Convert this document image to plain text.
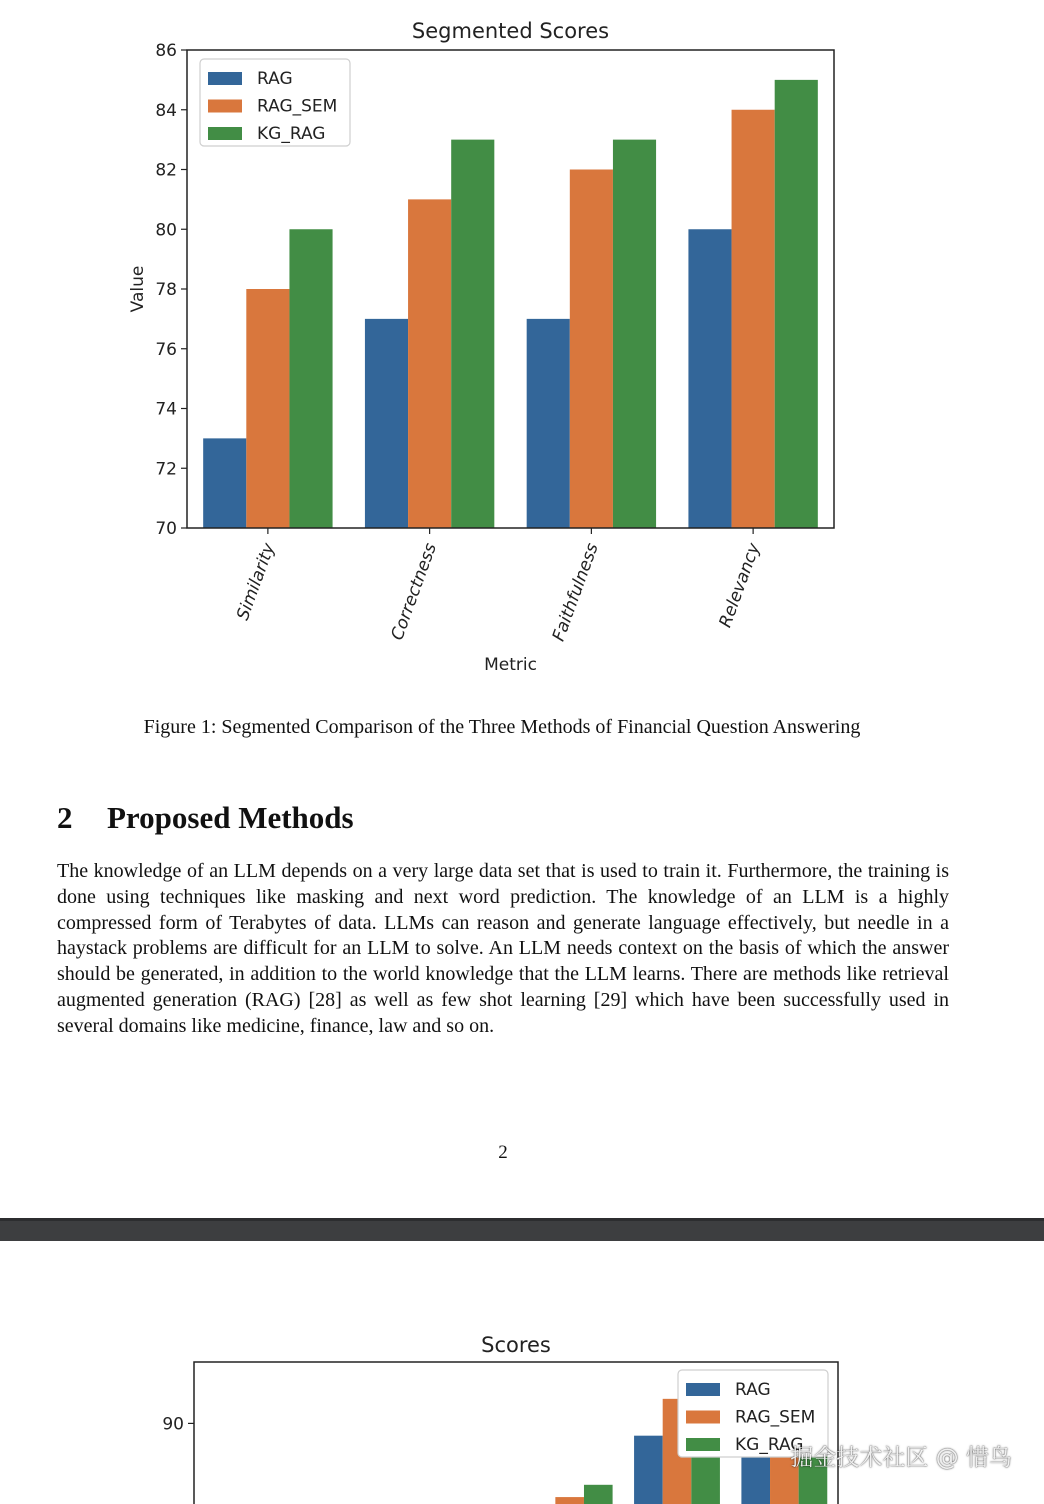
Segmented Scores
Value
Metric
Similarity	Correctness	Faithfulness	Relevancy
70
72
74
76
78
80
82
84
86
RAG
RAG_SEM
KG_RAG
Figure 1: Segmented Comparison of the Three Methods of Financial Question Answering
2 Proposed Methods
The knowledge of an LLM depends on a very large data set that is used to train it. Furthermore, the training is done using techniques like masking and next word prediction. The knowledge of an LLM is a highly compressed form of Terabytes of data. LLMs can reason and generate language effectively, but needle in a haystack problems are difficult for an LLM to solve. An LLM needs context on the basis of which the answer should be generated, in addition to the world knowledge that the LLM learns. There are methods like retrieval augmented generation (RAG) [28] as well as few shot learning [29] which have been successfully used in several domains like medicine, finance, law and so on.
2
Scores
90
RAG
RAG_SEM
KG_RAG
掘金技术社区 @ 惜鸟
